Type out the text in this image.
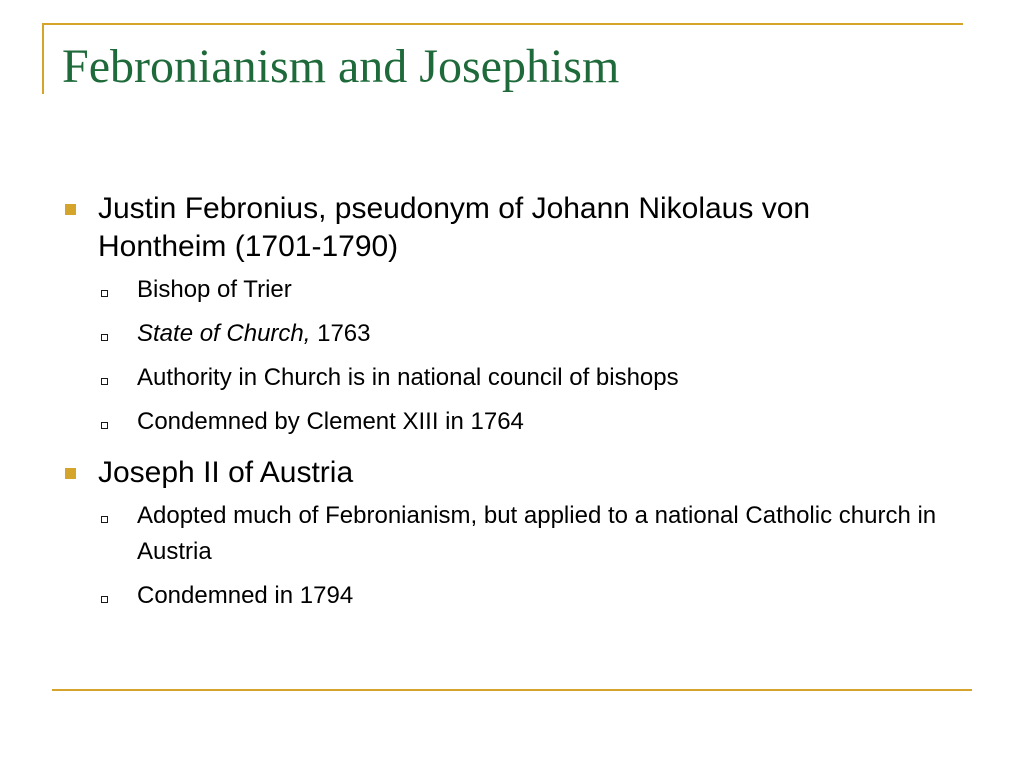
Febronianism and Josephism
Justin Febronius, pseudonym of Johann Nikolaus von Hontheim (1701-1790)
Bishop of Trier
State of Church, 1763
Authority in Church is in national council of bishops
Condemned by Clement XIII in 1764
Joseph II of Austria
Adopted much of Febronianism, but applied to a national Catholic church in Austria
Condemned in 1794
